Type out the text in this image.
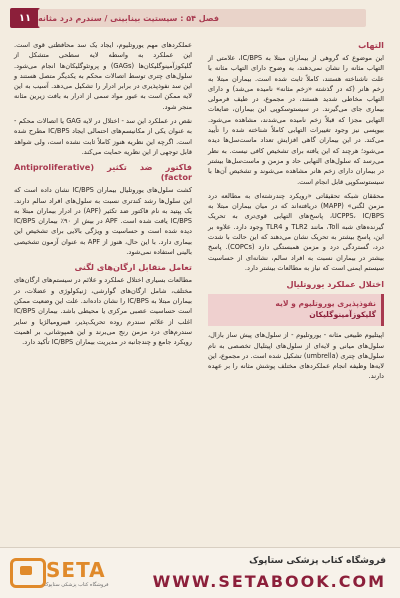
۱۱ فصل ۵۴ : سیستیت بینابینی / سندرم درد مثانه
التهاب

این موضوع که گروهی از بیماران مبتلا به IC/BPS، علامتی از التهاب مثانه را نشان نمی‌دهند، به وضوح دارای التهاب مثانه با علت ناشناخته هستند، کاملاً ثابت شده است. بیماران مبتلا به زخم هانر (که در گذشته «زخم مثانه» نامیده می‌شد) و دارای التهاب مخاطی شدید هستند، در مجموع، در طیف فرمولی بیماری جای می‌گیرند. در سیستوسکوپی این بیماران، ضایعات التهابی مجزا که قبلاً زخم نامیده می‌شدند، مشاهده می‌شود. بیوپسی نیز وجود تغییرات التهابی کاملاً شناخته شده را تأیید می‌کند. در این بیماران گاهی افزایش تعداد ماست‌سل‌ها دیده می‌شود؛ هرچند که این یافته برای تشخیص کافی نیست. به نظر می‌رسد که سلول‌های التهابی حاد و مزمن و ماست‌سل‌ها بیشتر در بیماران دارای زخم هانر مشاهده می‌شوند و تشخیص آن‌ها با سیستوسکوپی قابل انجام است.

محققان شبکه تحقیقاتی «رویکرد چندرشته‌ای به مطالعه درد مزمن لگنی» (MAPP) دریافته‌اند که در میان بیماران مبتلا به UCPPS، IC/BPS، پاسخ‌های التهابی قوی‌تری به تحریک گیرنده‌های شبه Toll، مانند TLR2 و TLR4 وجود دارد. علاوه بر این، پاسخ بیشتر به تحریک نشان می‌دهند که این حالت با شدت درد، گستردگی درد و مزمن همبستگی دارد (COPCs). پاسخ بیشتر در بیماران نسبت به افراد سالم، نشانه‌ای از حساسیت سیستم ایمنی است که نیاز به مطالعات بیشتر دارد.

اختلال عملکرد یوروتلیال
نفوذپذیری یوروتلیوم و لایه
گلیکوزآمینوگلیکان

اپیتلیوم طبیعی مثانه - یوروتلیوم - از سلول‌های پیش ساز بازال، سلول‌های میانی و لایه‌ای از سلول‌های اپیتلیال تخصصی به نام سلول‌های چتری (umbrella) تشکیل شده است. در مجموع، این لایه‌ها وظیفه انجام عملکردهای مختلف پوشش مثانه را بر عهده دارند.

عملکردهای مهم یوروتلیوم، ایجاد یک سد محافظتی قوی است. این عملکرد به واسطه لایه سطحی متشکل از گلیکوزآمینوگلیکان‌ها (GAGs) و پروتئوگلیکان‌ها انجام می‌شود. سلول‌های چتری توسط اتصالات محکم به یکدیگر متصل هستند و این سد نفوذپذیری در برابر ادرار را تشکیل می‌دهد. آسیب به این لایه ممکن است به عبور مواد سمی از ادرار به بافت زیرین مثانه منجر شود.

نقص در عملکرد این سد - اختلال در لایه GAG یا اتصالات محکم - به عنوان یکی از مکانیسم‌های احتمالی ایجاد IC/BPS مطرح شده است. اگرچه این نظریه هنوز کاملاً ثابت نشده است، ولی شواهد قابل توجهی از این نظریه حمایت می‌کند.

فاکتور ضد تکثیر (Antiproliferative factor)

کشت سلول‌های یوروتلیال بیماران IC/BPS نشان داده است که این سلول‌ها رشد کندتری نسبت به سلول‌های افراد سالم دارند. یک پپتید به نام فاکتور ضد تکثیر (APF) در ادرار بیماران مبتلا به IC/BPS یافت شده است. APF در بیش از ۹۰٪ بیماران IC/BPS دیده شده است و حساسیت و ویژگی بالایی برای تشخیص این بیماری دارد. با این حال، هنوز از APF به عنوان آزمون تشخیصی بالینی استفاده نمی‌شود.

تعامل متقابل ارگان‌های لگنی

مطالعات بسیاری اختلال عملکرد و علائم در سیستم‌های ارگان‌های مختلف، شامل ارگان‌های گوارشی، ژنیکولوژی و عضلات، در بیماران مبتلا به IC/BPS را نشان داده‌اند. علت این وضعیت ممکن است حساسیت عصبی مرکزی یا محیطی باشد. بیماران IC/BPS اغلب از علائم سندرم روده تحریک‌پذیر، فیبرومیالژیا و سایر سندرم‌های درد مزمن رنج می‌برند و این همپوشانی، بر اهمیت رویکرد جامع و چندجانبه در مدیریت بیماران IC/BPS تأکید دارد.

SETA
فروشگاه کتاب پزشکی ستاپوک
فروشگاه کتاب پزشکی ستاپوک
WWW.SETABOOK.COM
